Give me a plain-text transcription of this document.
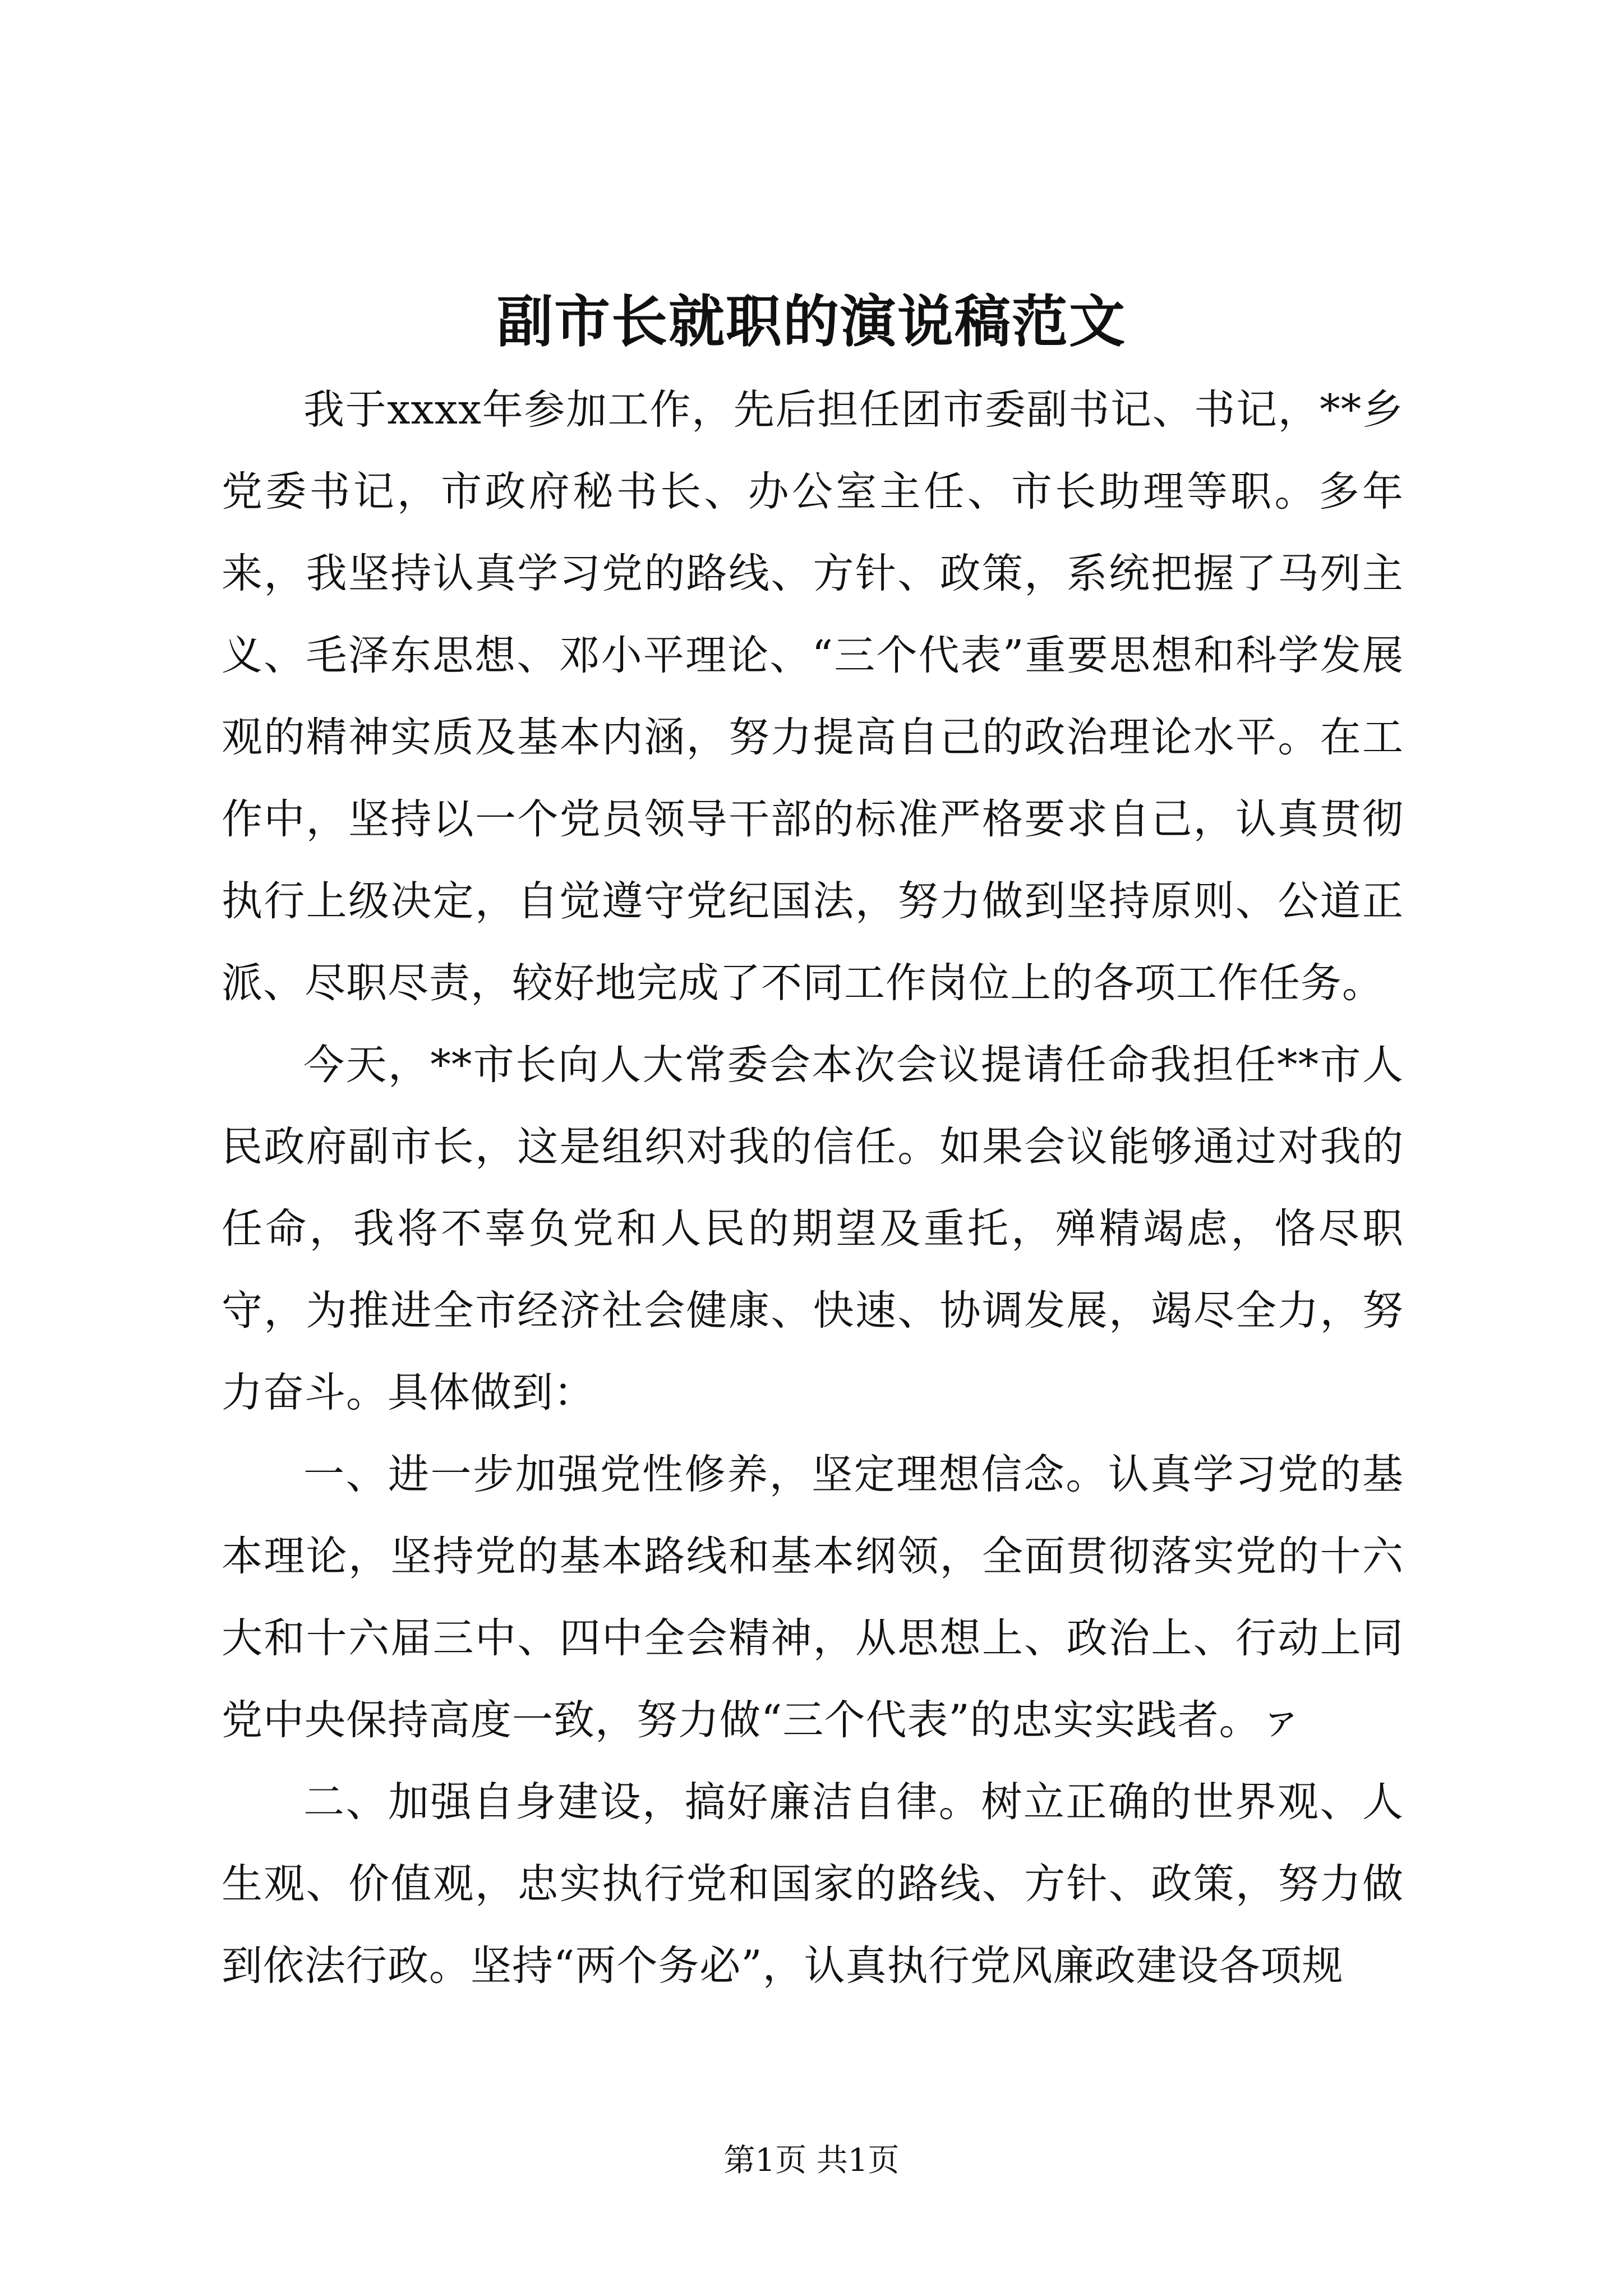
副市长就职的演说稿范文

我于xxxx年参加工作，先后担任团市委副书记、书记，**乡党委书记，市政府秘书长、办公室主任、市长助理等职。多年来，我坚持认真学习党的路线、方针、政策，系统把握了马列主义、毛泽东思想、邓小平理论、“三个代表”重要思想和科学发展观的精神实质及基本内涵，努力提高自己的政治理论水平。在工作中，坚持以一个党员领导干部的标准严格要求自己，认真贯彻执行上级决定，自觉遵守党纪国法，努力做到坚持原则、公道正派、尽职尽责，较好地完成了不同工作岗位上的各项工作任务。

今天，**市长向人大常委会本次会议提请任命我担任**市人民政府副市长，这是组织对我的信任。如果会议能够通过对我的任命，我将不辜负党和人民的期望及重托，殚精竭虑，恪尽职守，为推进全市经济社会健康、快速、协调发展，竭尽全力，努力奋斗。具体做到：

一、进一步加强党性修养，坚定理想信念。认真学习党的基本理论，坚持党的基本路线和基本纲领，全面贯彻落实党的十六大和十六届三中、四中全会精神，从思想上、政治上、行动上同党中央保持高度一致，努力做“三个代表”的忠实实践者。ァ

二、加强自身建设，搞好廉洁自律。树立正确的世界观、人生观、价值观，忠实执行党和国家的路线、方针、政策，努力做到依法行政。坚持“两个务必”，认真执行党风廉政建设各项规

第1页 共1页
